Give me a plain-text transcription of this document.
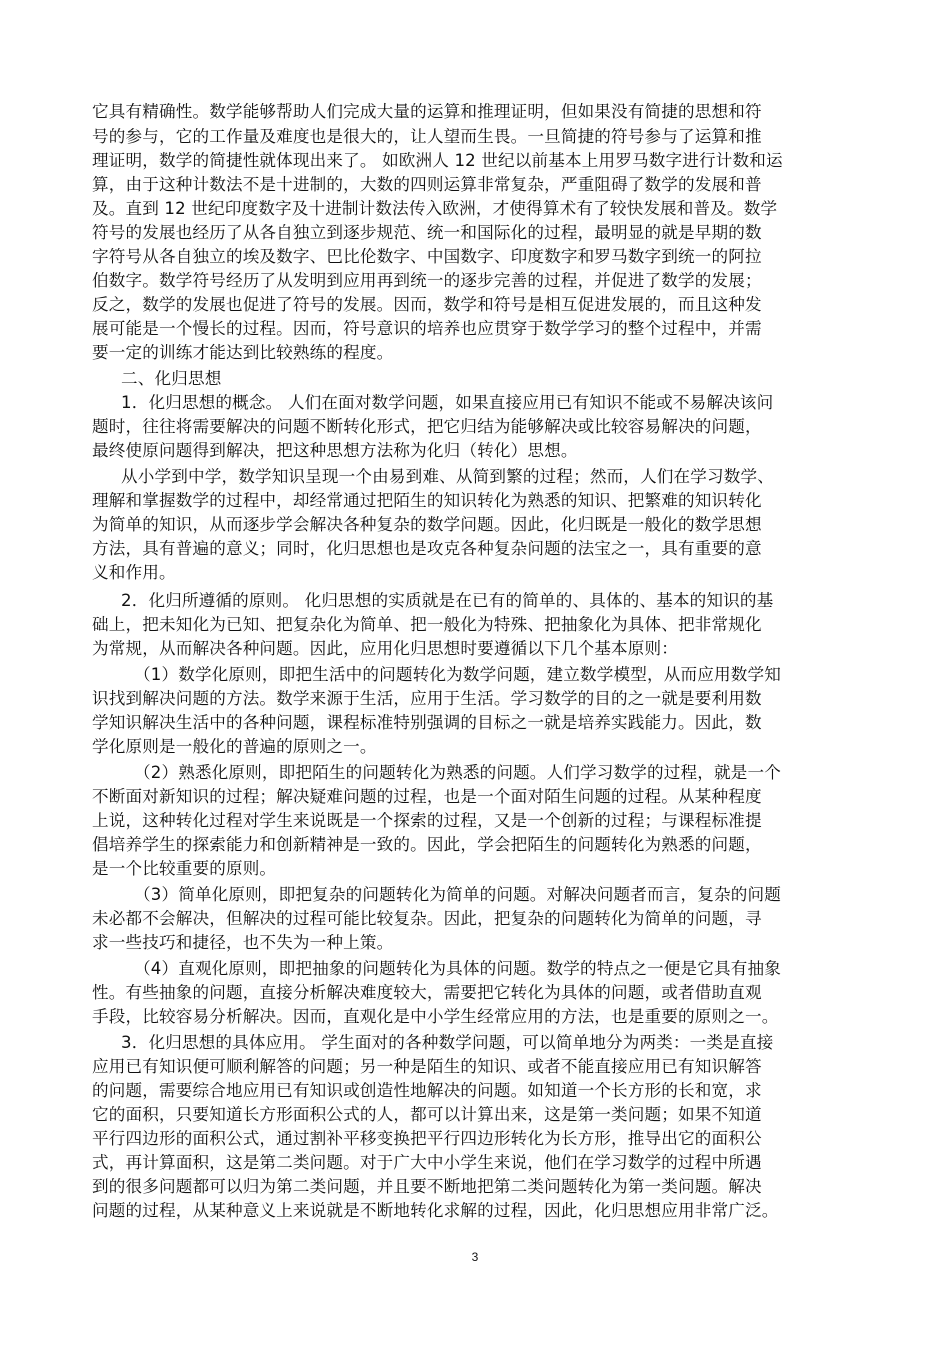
它具有精确性。数学能够帮助人们完成大量的运算和推理证明，但如果没有简捷的思想和符
号的参与，它的工作量及难度也是很大的，让人望而生畏。一旦简捷的符号参与了运算和推
理证明，数学的简捷性就体现出来了。 如欧洲人 12 世纪以前基本上用罗马数字进行计数和运
算，由于这种计数法不是十进制的，大数的四则运算非常复杂，严重阻碍了数学的发展和普
及。直到 12 世纪印度数字及十进制计数法传入欧洲，才使得算术有了较快发展和普及。数学
符号的发展也经历了从各自独立到逐步规范、统一和国际化的过程，最明显的就是早期的数
字符号从各自独立的埃及数字、巴比伦数字、中国数字、印度数字和罗马数字到统一的阿拉
伯数字。数学符号经历了从发明到应用再到统一的逐步完善的过程，并促进了数学的发展；
反之，数学的发展也促进了符号的发展。因而，数学和符号是相互促进发展的，而且这种发
展可能是一个慢长的过程。因而，符号意识的培养也应贯穿于数学学习的整个过程中，并需
要一定的训练才能达到比较熟练的程度。
二、化归思想
1．化归思想的概念。 人们在面对数学问题，如果直接应用已有知识不能或不易解决该问
题时，往往将需要解决的问题不断转化形式，把它归结为能够解决或比较容易解决的问题，
最终使原问题得到解决，把这种思想方法称为化归（转化）思想。
从小学到中学，数学知识呈现一个由易到难、从简到繁的过程；然而，人们在学习数学、
理解和掌握数学的过程中，却经常通过把陌生的知识转化为熟悉的知识、把繁难的知识转化
为简单的知识，从而逐步学会解决各种复杂的数学问题。因此，化归既是一般化的数学思想
方法，具有普遍的意义；同时，化归思想也是攻克各种复杂问题的法宝之一，具有重要的意
义和作用。
2．化归所遵循的原则。 化归思想的实质就是在已有的简单的、具体的、基本的知识的基
础上，把未知化为已知、把复杂化为简单、把一般化为特殊、把抽象化为具体、把非常规化
为常规，从而解决各种问题。因此，应用化归思想时要遵循以下几个基本原则：
（1）数学化原则，即把生活中的问题转化为数学问题，建立数学模型，从而应用数学知
识找到解决问题的方法。数学来源于生活，应用于生活。学习数学的目的之一就是要利用数
学知识解决生活中的各种问题，课程标准特别强调的目标之一就是培养实践能力。因此，数
学化原则是一般化的普遍的原则之一。
（2）熟悉化原则，即把陌生的问题转化为熟悉的问题。人们学习数学的过程，就是一个
不断面对新知识的过程；解决疑难问题的过程，也是一个面对陌生问题的过程。从某种程度
上说，这种转化过程对学生来说既是一个探索的过程，又是一个创新的过程；与课程标准提
倡培养学生的探索能力和创新精神是一致的。因此，学会把陌生的问题转化为熟悉的问题，
是一个比较重要的原则。
（3）简单化原则，即把复杂的问题转化为简单的问题。对解决问题者而言，复杂的问题
未必都不会解决，但解决的过程可能比较复杂。因此，把复杂的问题转化为简单的问题，寻
求一些技巧和捷径，也不失为一种上策。
（4）直观化原则，即把抽象的问题转化为具体的问题。数学的特点之一便是它具有抽象
性。有些抽象的问题，直接分析解决难度较大，需要把它转化为具体的问题，或者借助直观
手段，比较容易分析解决。因而，直观化是中小学生经常应用的方法，也是重要的原则之一。
3．化归思想的具体应用。 学生面对的各种数学问题，可以简单地分为两类：一类是直接
应用已有知识便可顺利解答的问题；另一种是陌生的知识、或者不能直接应用已有知识解答
的问题，需要综合地应用已有知识或创造性地解决的问题。如知道一个长方形的长和宽，求
它的面积，只要知道长方形面积公式的人，都可以计算出来，这是第一类问题；如果不知道
平行四边形的面积公式，通过割补平移变换把平行四边形转化为长方形，推导出它的面积公
式，再计算面积，这是第二类问题。对于广大中小学生来说，他们在学习数学的过程中所遇
到的很多问题都可以归为第二类问题，并且要不断地把第二类问题转化为第一类问题。解决
问题的过程，从某种意义上来说就是不断地转化求解的过程，因此，化归思想应用非常广泛。
3
